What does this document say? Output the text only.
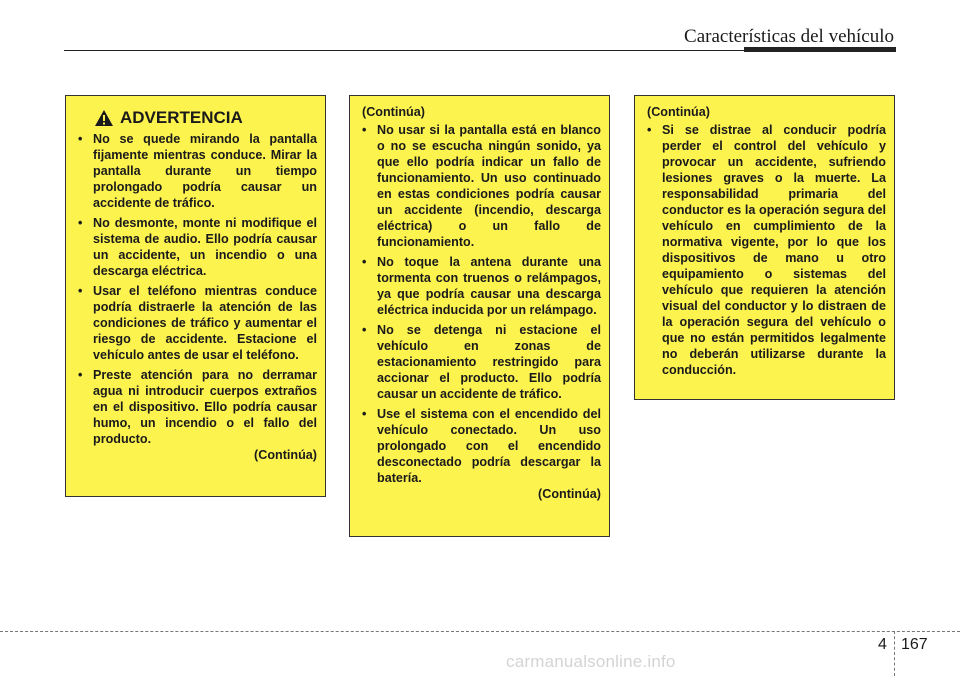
Características del vehículo
ADVERTENCIA
• No se quede mirando la pantalla fijamente mientras conduce. Mirar la pantalla durante un tiempo prolongado podría causar un accidente de tráfico.
• No desmonte, monte ni modifique el sistema de audio. Ello podría causar un accidente, un incendio o una descarga eléctrica.
• Usar el teléfono mientras conduce podría distraerle la atención de las condiciones de tráfico y aumentar el riesgo de accidente. Estacione el vehículo antes de usar el teléfono.
• Preste atención para no derramar agua ni introducir cuerpos extraños en el dispositivo. Ello podría causar humo, un incendio o el fallo del producto.
(Continúa)
(Continúa)
• No usar si la pantalla está en blanco o no se escucha ningún sonido, ya que ello podría indicar un fallo de funcionamiento. Un uso continuado en estas condiciones podría causar un accidente (incendio, descarga eléctrica) o un fallo de funcionamiento.
• No toque la antena durante una tormenta con truenos o relámpagos, ya que podría causar una descarga eléctrica inducida por un relámpago.
• No se detenga ni estacione el vehículo en zonas de estacionamiento restringido para accionar el producto. Ello podría causar un accidente de tráfico.
• Use el sistema con el encendido del vehículo conectado. Un uso prolongado con el encendido desconectado podría descargar la batería.
(Continúa)
(Continúa)
• Si se distrae al conducir podría perder el control del vehículo y provocar un accidente, sufriendo lesiones graves o la muerte. La responsabilidad primaria del conductor es la operación segura del vehículo en cumplimiento de la normativa vigente, por lo que los dispositivos de mano u otro equipamiento o sistemas del vehículo que requieren la atención visual del conductor y lo distraen de la operación segura del vehículo o que no están permitidos legalmente no deberán utilizarse durante la conducción.
4 167
carmanualsonline.info
